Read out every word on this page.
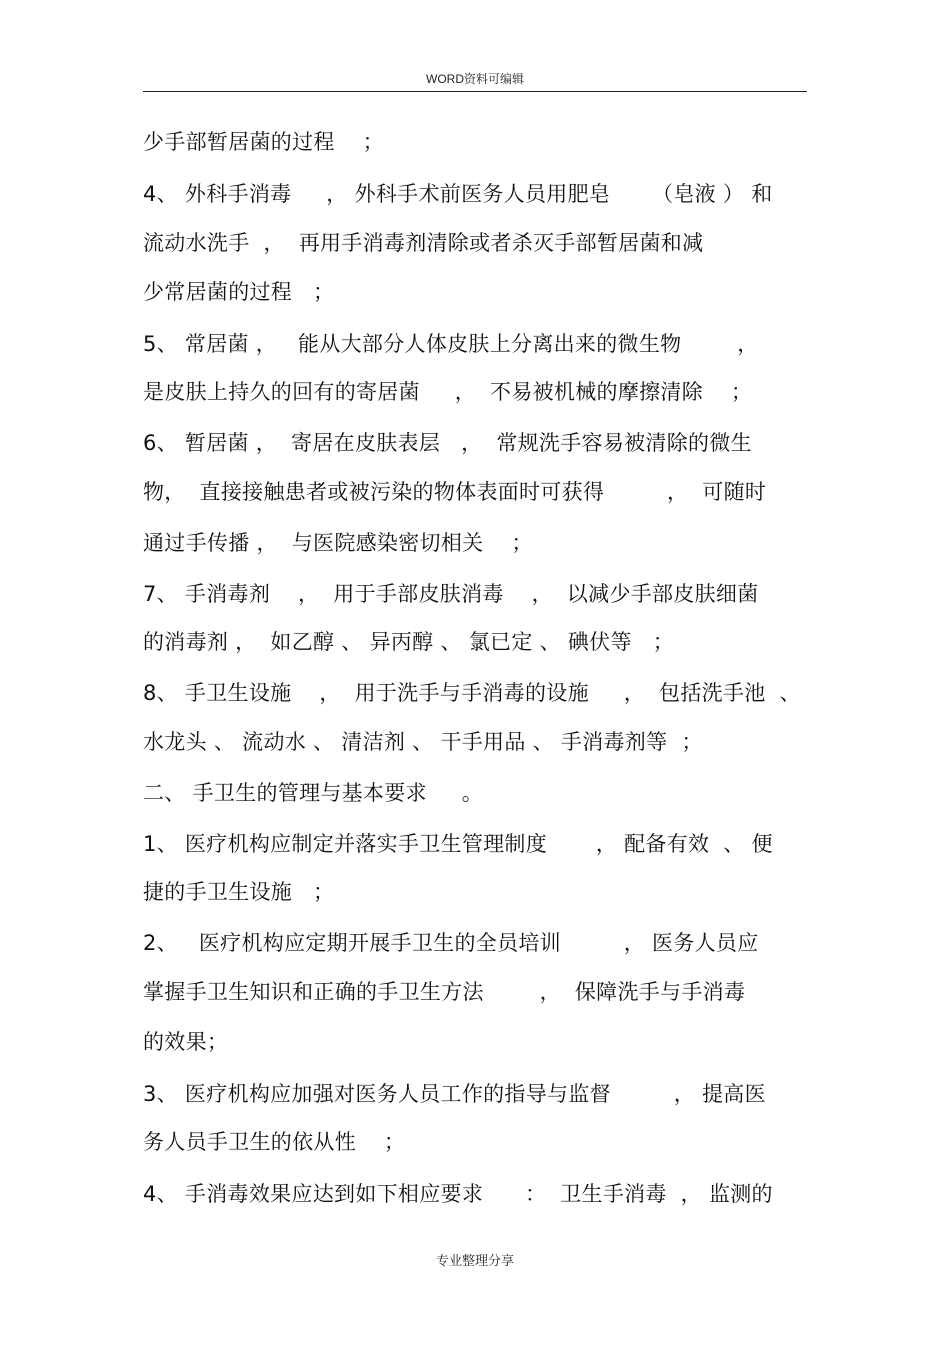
WORD资料可编辑
少手部暂居菌的过程    ；
4、 外科手消毒     ， 外科手术前医务人员用肥皂      （皂液 ） 和
流动水洗手  ，  再用手消毒剂清除或者杀灭手部暂居菌和减
少常居菌的过程   ；
5、 常居菌 ，   能从大部分人体皮肤上分离出来的微生物        ，
是皮肤上持久的回有的寄居菌     ，  不易被机械的摩擦清除    ；
6、 暂居菌 ，  寄居在皮肤表层   ，  常规洗手容易被清除的微生
物，  直接接触患者或被污染的物体表面时可获得         ，  可随时
通过手传播 ，  与医院感染密切相关    ；
7、 手消毒剂    ，  用于手部皮肤消毒    ，  以减少手部皮肤细菌
的消毒剂 ，  如乙醇 、 异丙醇 、 氯已定 、 碘伏等   ；
8、 手卫生设施    ，  用于洗手与手消毒的设施     ，  包括洗手池  、
水龙头 、 流动水 、 清洁剂 、 干手用品 、 手消毒剂等  ；
二、 手卫生的管理与基本要求     。
1、 医疗机构应制定并落实手卫生管理制度       ， 配备有效  、 便
捷的手卫生设施   ；
2、   医疗机构应定期开展手卫生的全员培训         ， 医务人员应
掌握手卫生知识和正确的手卫生方法        ，  保障洗手与手消毒
的效果；
3、 医疗机构应加强对医务人员工作的指导与监督         ， 提高医
务人员手卫生的依从性    ；
4、 手消毒效果应达到如下相应要求      ：  卫生手消毒  ， 监测的
专业整理分享
